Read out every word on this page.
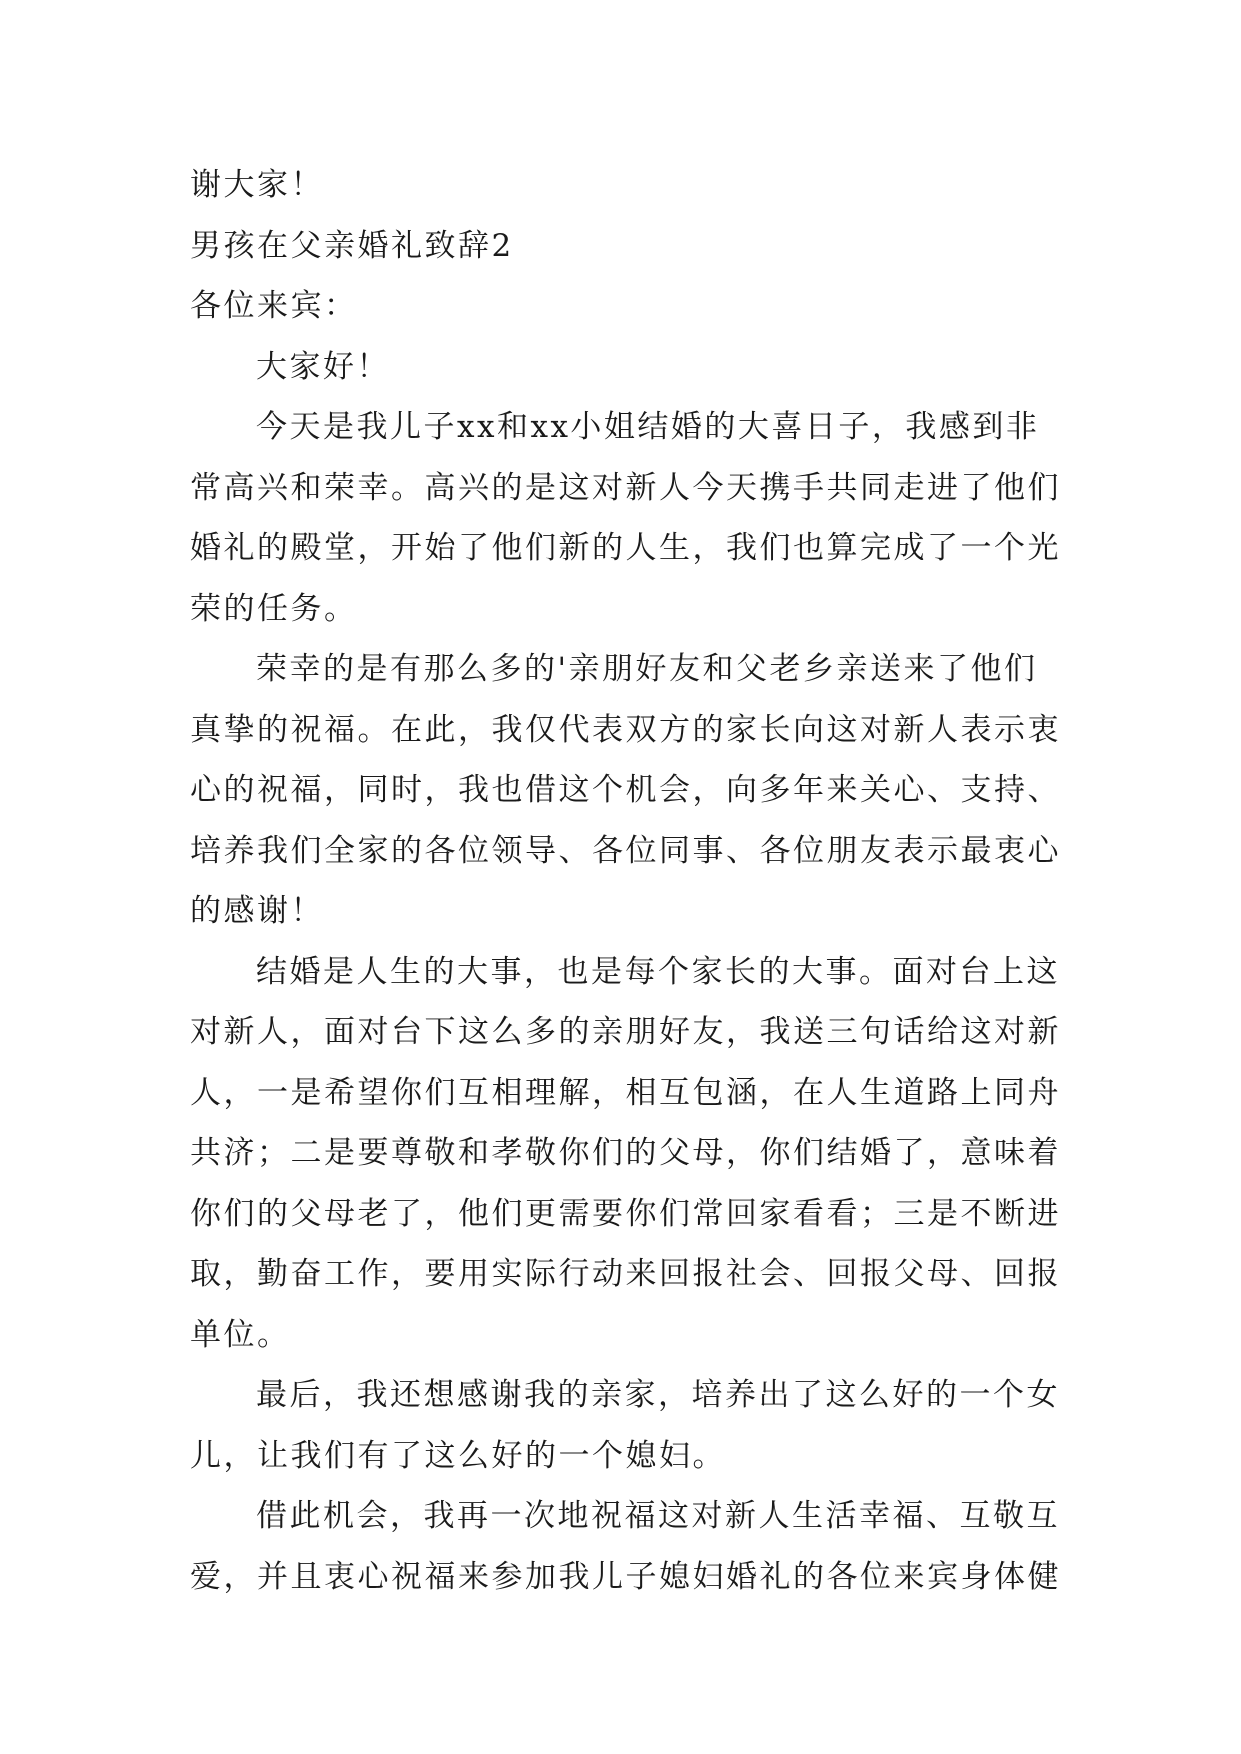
谢大家！
男孩在父亲婚礼致辞2
各位来宾：
大家好！
今天是我儿子xx和xx小姐结婚的大喜日子，我感到非
常高兴和荣幸。高兴的是这对新人今天携手共同走进了他们
婚礼的殿堂，开始了他们新的人生，我们也算完成了一个光
荣的任务。
荣幸的是有那么多的'亲朋好友和父老乡亲送来了他们
真挚的祝福。在此，我仅代表双方的家长向这对新人表示衷
心的祝福，同时，我也借这个机会，向多年来关心、支持、
培养我们全家的各位领导、各位同事、各位朋友表示最衷心
的感谢！
结婚是人生的大事，也是每个家长的大事。面对台上这
对新人，面对台下这么多的亲朋好友，我送三句话给这对新
人，一是希望你们互相理解，相互包涵，在人生道路上同舟
共济；二是要尊敬和孝敬你们的父母，你们结婚了，意味着
你们的父母老了，他们更需要你们常回家看看；三是不断进
取，勤奋工作，要用实际行动来回报社会、回报父母、回报
单位。
最后，我还想感谢我的亲家，培养出了这么好的一个女
儿，让我们有了这么好的一个媳妇。
借此机会，我再一次地祝福这对新人生活幸福、互敬互
爱，并且衷心祝福来参加我儿子媳妇婚礼的各位来宾身体健
